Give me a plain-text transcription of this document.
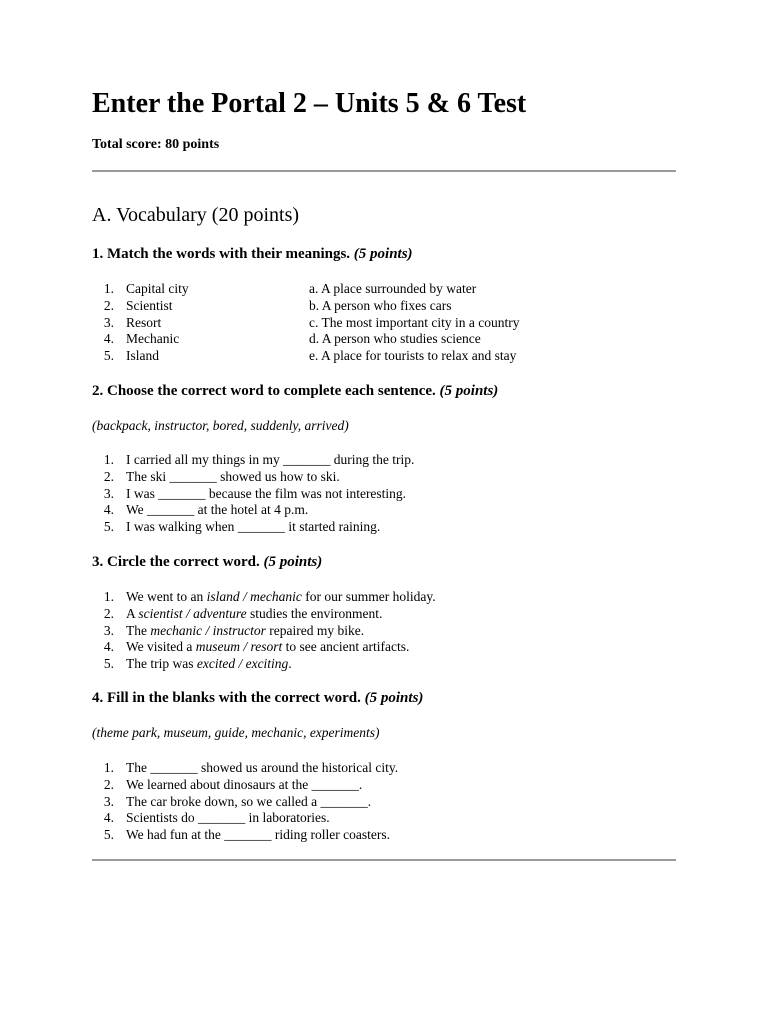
Enter the Portal 2 – Units 5 & 6 Test
Total score: 80 points
A. Vocabulary (20 points)
1. Match the words with their meanings. (5 points)
1. Capital city	a. A place surrounded by water
2. Scientist	b. A person who fixes cars
3. Resort	c. The most important city in a country
4. Mechanic	d. A person who studies science
5. Island	e. A place for tourists to relax and stay
2. Choose the correct word to complete each sentence. (5 points)
(backpack, instructor, bored, suddenly, arrived)
1. I carried all my things in my _______ during the trip.
2. The ski _______ showed us how to ski.
3. I was _______ because the film was not interesting.
4. We _______ at the hotel at 4 p.m.
5. I was walking when _______ it started raining.
3. Circle the correct word. (5 points)
1. We went to an island / mechanic for our summer holiday.
2. A scientist / adventure studies the environment.
3. The mechanic / instructor repaired my bike.
4. We visited a museum / resort to see ancient artifacts.
5. The trip was excited / exciting .
4. Fill in the blanks with the correct word. (5 points)
(theme park, museum, guide, mechanic, experiments)
1. The _______ showed us around the historical city.
2. We learned about dinosaurs at the _______.
3. The car broke down, so we called a _______.
4. Scientists do _______ in laboratories.
5. We had fun at the _______ riding roller coasters.
